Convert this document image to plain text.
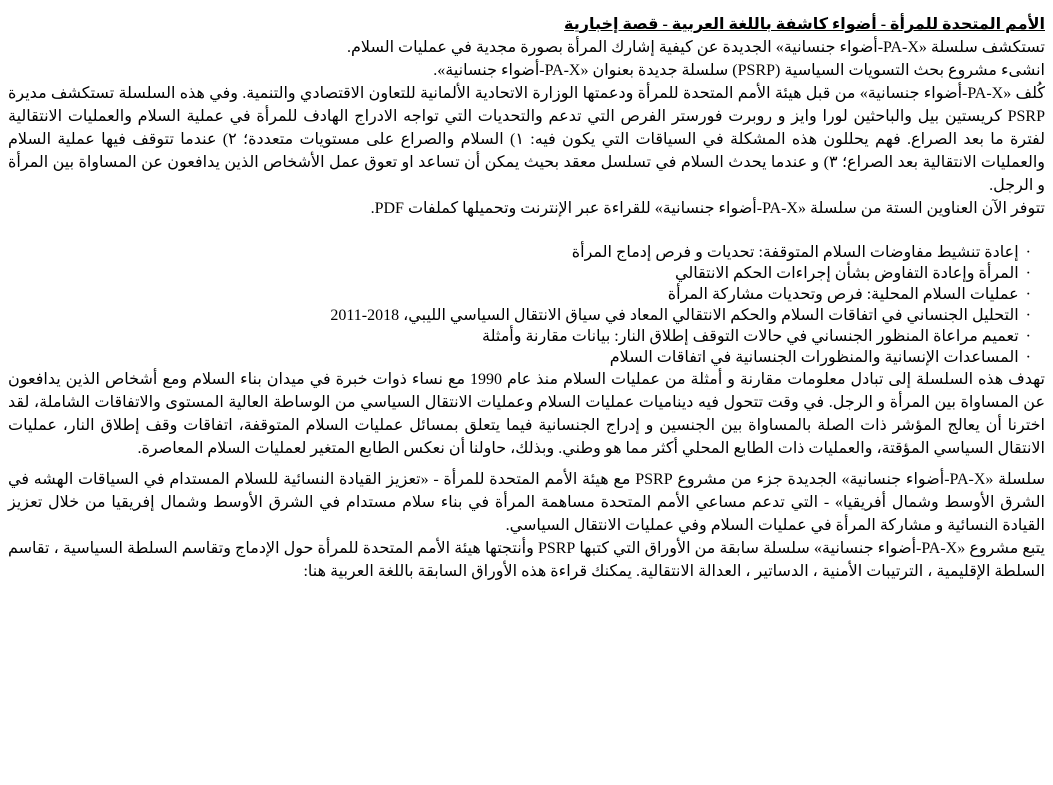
الأمم المتحدة للمرأة - أضواء كاشفة باللغة العربية - قصة إخبارية

تستكشف سلسلة «PA-X-أضواء جنسانية» الجديدة عن كيفية إشارك المرأة بصورة مجدية في عمليات السلام.

انشىء مشروع بحث التسويات السياسية (PSRP) سلسلة جديدة بعنوان «PA-X-أضواء جنسانية».

كُلف «PA-X-أضواء جنسانية» من قبل هيئة الأمم المتحدة للمرأة ودعمتها الوزارة الاتحادية الألمانية للتعاون الاقتصادي والتنمية. وفي هذه السلسلة تستكشف مديرة PSRP كريستين بيل والباحثين لورا وايز و روبرت فورستر الفرص التي تدعم والتحديات التي تواجه الادراج الهادف للمرأة في عملية السلام والعمليات الانتقالية لفترة ما بعد الصراع. فهم يحللون هذه المشكلة في السياقات التي يكون فيه: ١) السلام والصراع على مستويات متعددة؛ ٢) عندما تتوقف فيها عملية السلام والعمليات الانتقالية بعد الصراع؛ ٣) و عندما يحدث السلام في تسلسل معقد بحيث يمكن أن تساعد او تعوق عمل الأشخاص الذين يدافعون عن المساواة بين المرأة و الرجل.

تتوفر الآن العناوين الستة من سلسلة «PA-X-أضواء جنسانية» للقراءة عبر الإنترنت وتحميلها كملفات PDF.

· إعادة تنشيط مفاوضات السلام المتوقفة: تحديات و فرص إدماج المرأة
· المرأة وإعادة التفاوض بشأن إجراءات الحكم الانتقالي
· عمليات السلام المحلية: فرص وتحديات مشاركة المرأة
· التحليل الجنساني في اتفاقات السلام والحكم الانتقالي المعاد في سياق الانتقال السياسي الليبي، 2018-2011
· تعميم مراعاة المنظور الجنساني في حالات التوقف إطلاق النار: بيانات مقارنة وأمثلة
· المساعدات الإنسانية والمنظورات الجنسانية في اتفاقات السلام

تهدف هذه السلسلة إلى تبادل معلومات مقارنة و أمثلة من عمليات السلام منذ عام 1990 مع نساء ذوات خبرة في ميدان بناء السلام ومع أشخاص الذين يدافعون عن المساواة بين المرأة و الرجل. في وقت تتحول فيه ديناميات عمليات السلام وعمليات الانتقال السياسي من الوساطة العالية المستوى والاتفاقات الشاملة، لقد اخترنا أن يعالج المؤشر ذات الصلة بالمساواة بين الجنسين و إدراج الجنسانية فيما يتعلق بمسائل عمليات السلام المتوقفة، اتفاقات وقف إطلاق النار، عمليات الانتقال السياسي المؤقتة، والعمليات ذات الطابع المحلي أكثر مما هو وطني. وبذلك، حاولنا أن نعكس الطابع المتغير لعمليات السلام المعاصرة.

سلسلة «PA-X-أضواء جنسانية» الجديدة جزء من مشروع PSRP مع هيئة الأمم المتحدة للمرأة - «تعزيز القيادة النسائية للسلام المستدام في السياقات الهشه في الشرق الأوسط وشمال أفريقيا» - التي تدعم مساعي الأمم المتحدة مساهمة المرأة في بناء سلام مستدام في الشرق الأوسط وشمال إفريقيا من خلال تعزيز القيادة النسائية و مشاركة المرأة في عمليات السلام وفي عمليات الانتقال السياسي.

يتبع مشروع «PA-X-أضواء جنسانية» سلسلة سابقة من الأوراق التي كتبها PSRP وأنتجتها هيئة الأمم المتحدة للمرأة حول الإدماج وتقاسم السلطة السياسية ، تقاسم السلطة الإقليمية ، الترتيبات الأمنية ، الدساتير ، العدالة الانتقالية. يمكنك قراءة هذه الأوراق السابقة باللغة العربية هنا:
